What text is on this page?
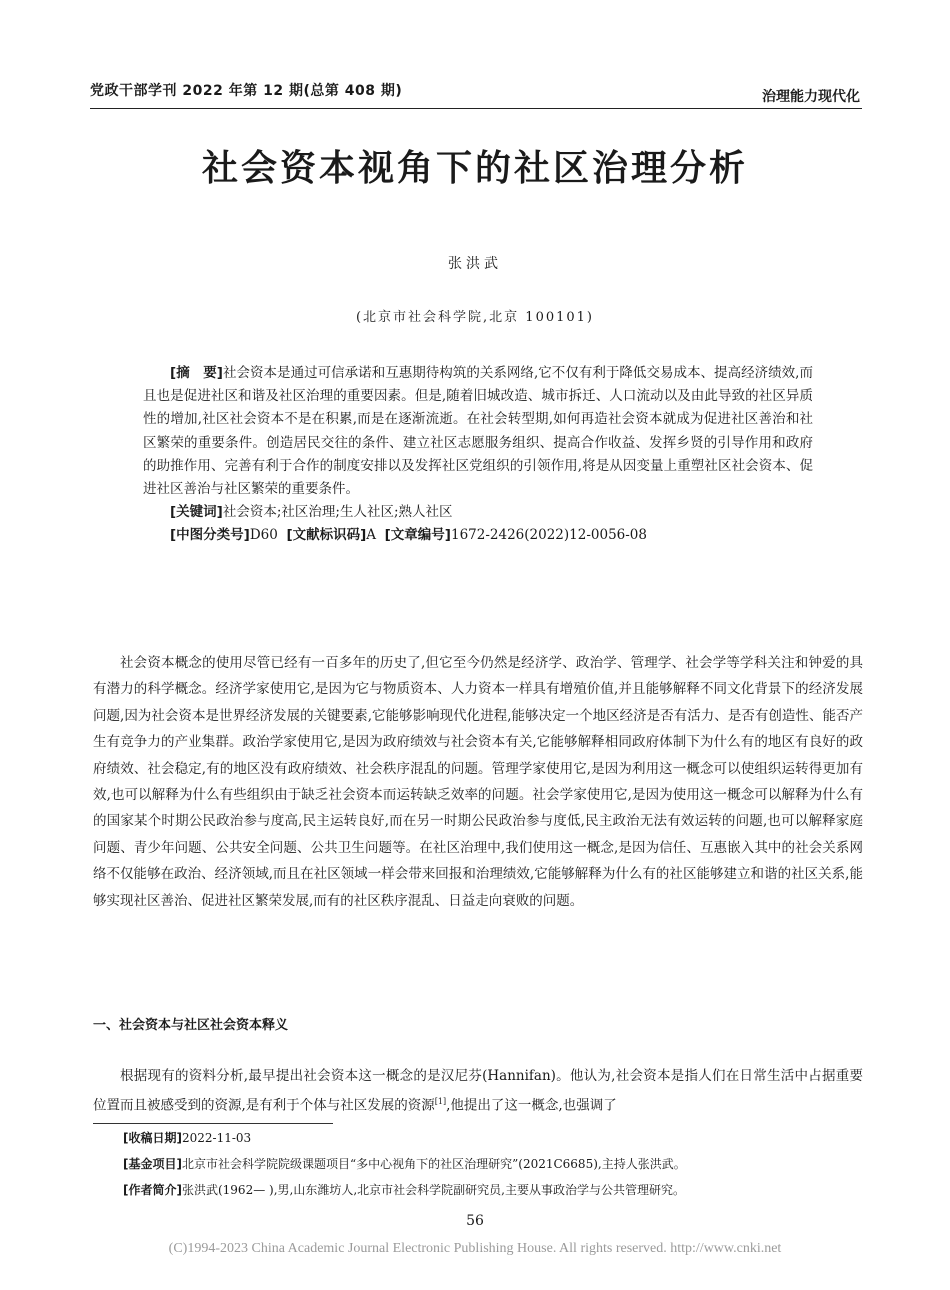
党政干部学刊 2022 年第 12 期(总第 408 期)	治理能力现代化
社会资本视角下的社区治理分析
张洪武
(北京市社会科学院,北京 100101)

[摘　要]社会资本是通过可信承诺和互惠期待构筑的关系网络,它不仅有利于降低交易成本、提高经济绩效,而且也是促进社区和谐及社区治理的重要因素。但是,随着旧城改造、城市拆迁、人口流动以及由此导致的社区异质性的增加,社区社会资本不是在积累,而是在逐渐流逝。在社会转型期,如何再造社会资本就成为促进社区善治和社区繁荣的重要条件。创造居民交往的条件、建立社区志愿服务组织、提高合作收益、发挥乡贤的引导作用和政府的助推作用、完善有利于合作的制度安排以及发挥社区党组织的引领作用,将是从因变量上重塑社区社会资本、促进社区善治与社区繁荣的重要条件。

[关键词]社会资本;社区治理;生人社区;熟人社区

[中图分类号]D60 [文献标识码]A [文章编号]1672-2426(2022)12-0056-08

社会资本概念的使用尽管已经有一百多年的历史了,但它至今仍然是经济学、政治学、管理学、社会学等学科关注和钟爱的具有潜力的科学概念。经济学家使用它,是因为它与物质资本、人力资本一样具有增殖价值,并且能够解释不同文化背景下的经济发展问题,因为社会资本是世界经济发展的关键要素,它能够影响现代化进程,能够决定一个地区经济是否有活力、是否有创造性、能否产生有竞争力的产业集群。政治学家使用它,是因为政府绩效与社会资本有关,它能够解释相同政府体制下为什么有的地区有良好的政府绩效、社会稳定,有的地区没有政府绩效、社会秩序混乱的问题。管理学家使用它,是因为利用这一概念可以使组织运转得更加有效,也可以解释为什么有些组织由于缺乏社会资本而运转缺乏效率的问题。社会学家使用它,是因为使用这一概念可以解释为什么有的国家某个时期公民政治参与度高,民主运转良好,而在另一时期公民政治参与度低,民主政治无法有效运转的问题,也可以解释家庭问题、青少年问题、公共安全问题、公共卫生问题等。在社区治理中,我们使用这一概念,是因为信任、互惠嵌入其中的社会关系网络不仅能够在政治、经济领域,而且在社区领域一样会带来回报和治理绩效,它能够解释为什么有的社区能够建立和谐的社区关系,能够实现社区善治、促进社区繁荣发展,而有的社区秩序混乱、日益走向衰败的问题。

一、社会资本与社区社会资本释义

根据现有的资料分析,最早提出社会资本这一概念的是汉尼芬(Hannifan)。他认为,社会资本是指人们在日常生活中占据重要位置而且被感受到的资源,是有利于个体与社区发展的资源[1],他提出了这一概念,也强调了

[收稿日期]2022-11-03
[基金项目]北京市社会科学院院级课题项目“多中心视角下的社区治理研究”(2021C6685),主持人张洪武。
[作者简介]张洪武(1962— ),男,山东潍坊人,北京市社会科学院副研究员,主要从事政治学与公共管理研究。
56
(C)1994-2023 China Academic Journal Electronic Publishing House. All rights reserved. http://www.cnki.net
